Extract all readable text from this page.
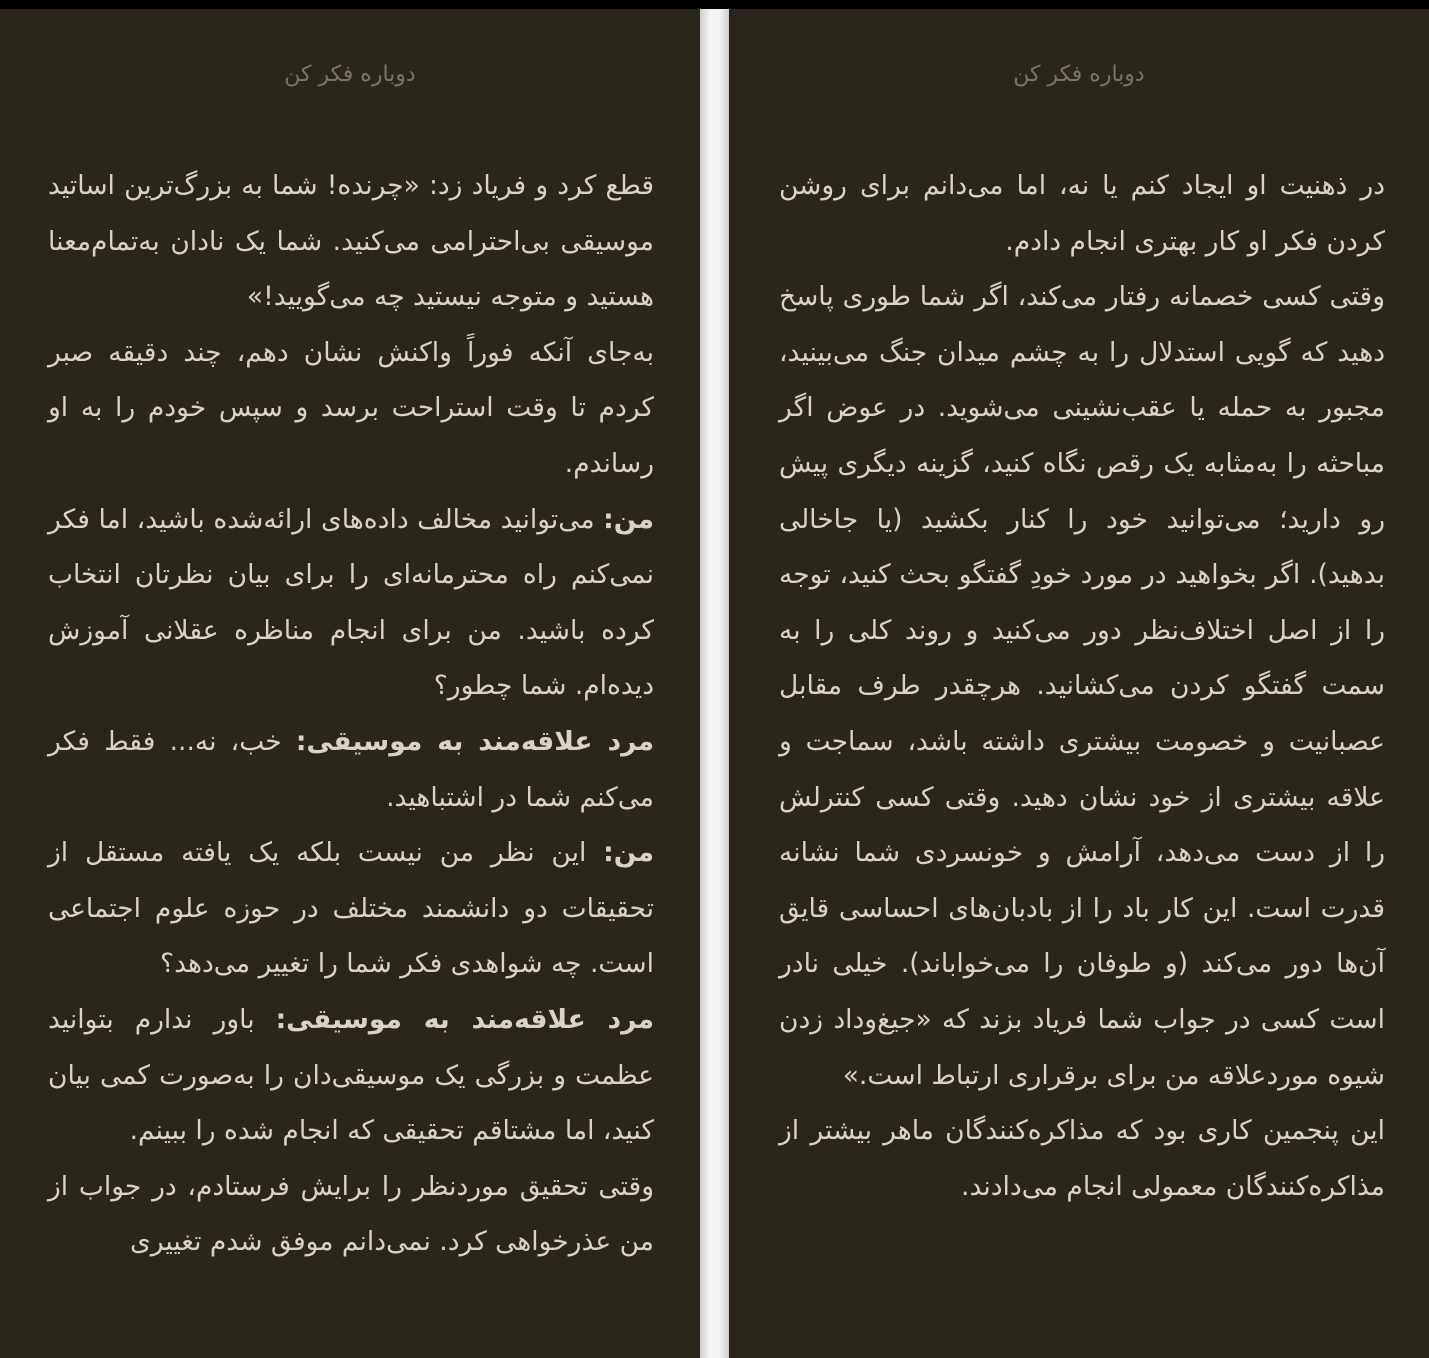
دوباره فکر کن

قطع کرد و فریاد زد: «چرنده! شما به بزرگ‌ترین اساتید موسیقی بی‌احترامی می‌کنید. شما یک نادان به‌تمام‌معنا هستید و متوجه نیستید چه می‌گویید!»

به‌جای آنکه فوراً واکنش نشان دهم، چند دقیقه صبر کردم تا وقت استراحت برسد و سپس خودم را به او رساندم.

من: می‌توانید مخالف داده‌های ارائه‌شده باشید، اما فکر نمی‌کنم راه محترمانه‌ای را برای بیان نظرتان انتخاب کرده باشید. من برای انجام مناظره عقلانی آموزش دیده‌ام. شما چطور؟

مرد علاقه‌مند به موسیقی: خب، نه... فقط فکر می‌کنم شما در اشتباهید.

من: این نظر من نیست بلکه یک یافته مستقل از تحقیقات دو دانشمند مختلف در حوزه علوم اجتماعی است. چه شواهدی فکر شما را تغییر می‌دهد؟

مرد علاقه‌مند به موسیقی: باور ندارم بتوانید عظمت و بزرگی یک موسیقی‌دان را به‌صورت کمی بیان کنید، اما مشتاقم تحقیقی که انجام شده را ببینم.

وقتی تحقیق موردنظر را برایش فرستادم، در جواب از من عذرخواهی کرد. نمی‌دانم موفق شدم تغییری

دوباره فکر کن

در ذهنیت او ایجاد کنم یا نه، اما می‌دانم برای روشن کردن فکر او کار بهتری انجام دادم.

وقتی کسی خصمانه رفتار می‌کند، اگر شما طوری پاسخ دهید که گویی استدلال را به چشم میدان جنگ می‌بینید، مجبور به حمله یا عقب‌نشینی می‌شوید. در عوض اگر مباحثه را به‌مثابه یک رقص نگاه کنید، گزینه دیگری پیش رو دارید؛ می‌توانید خود را کنار بکشید (یا جاخالی بدهید). اگر بخواهید در مورد خودِ گفتگو بحث کنید، توجه را از اصل اختلاف‌نظر دور می‌کنید و روند کلی را به سمت گفتگو کردن می‌کشانید. هرچقدر طرف مقابل عصبانیت و خصومت بیشتری داشته باشد، سماجت و علاقه بیشتری از خود نشان دهید. وقتی کسی کنترلش را از دست می‌دهد، آرامش و خونسردی شما نشانه قدرت است. این کار باد را از بادبان‌های احساسی قایق آن‌ها دور می‌کند (و طوفان را می‌خواباند). خیلی نادر است کسی در جواب شما فریاد بزند که «جیغ‌وداد زدن شیوه موردعلاقه من برای برقراری ارتباط است.»

این پنجمین کاری بود که مذاکره‌کنندگان ماهر بیشتر از مذاکره‌کنندگان معمولی انجام می‌دادند.
